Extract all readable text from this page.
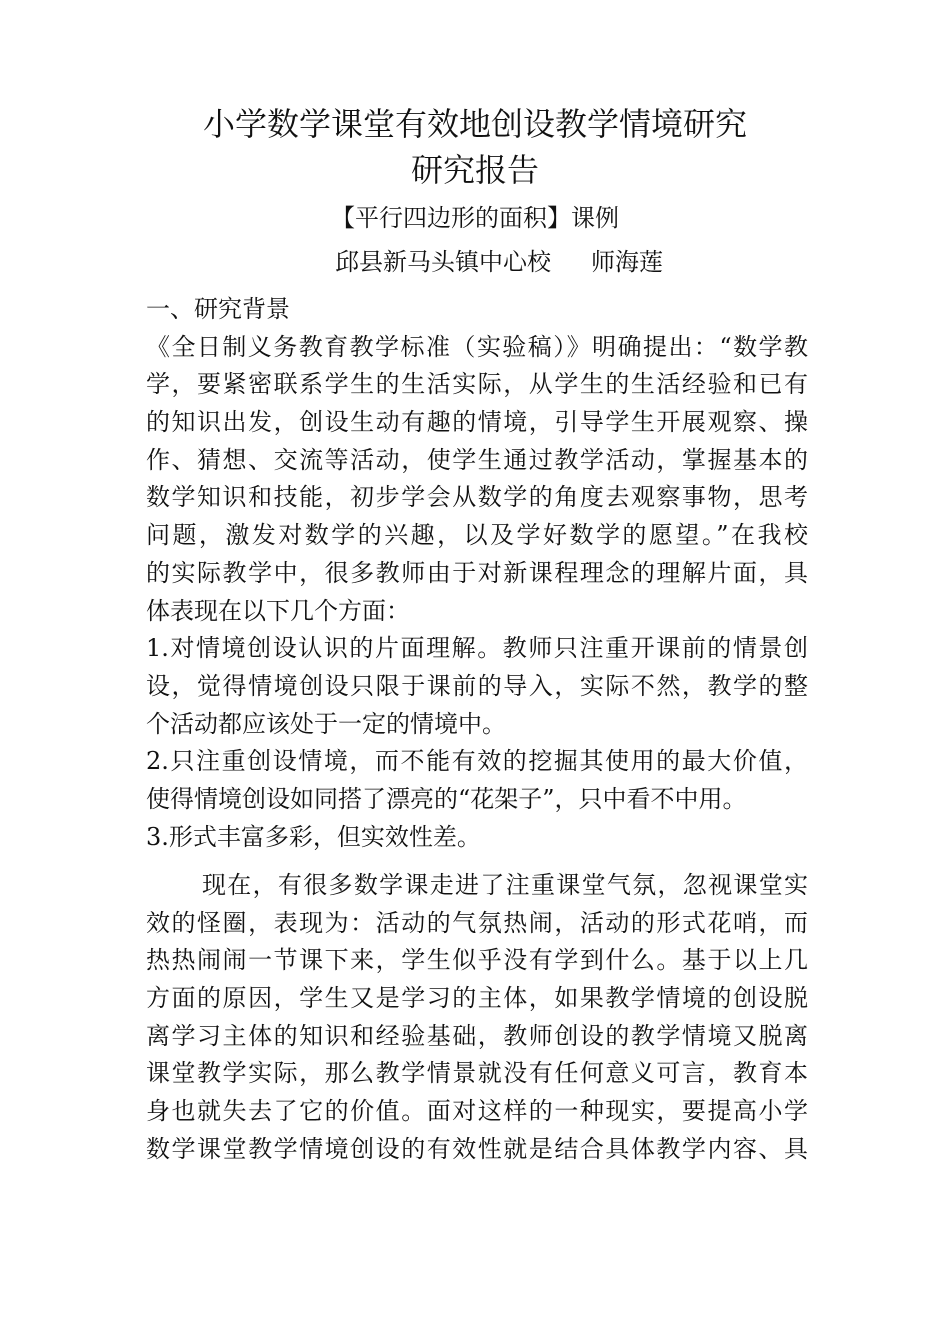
小学数学课堂有效地创设教学情境研究
研究报告
【平行四边形的面积】课例
邱县新马头镇中心校 师海莲
一、研究背景
《全日制义务教育教学标准（实验稿）》明确提出：“数学教
学，要紧密联系学生的生活实际，从学生的生活经验和已有
的知识出发，创设生动有趣的情境，引导学生开展观察、操
作、猜想、交流等活动，使学生通过教学活动，掌握基本的
数学知识和技能，初步学会从数学的角度去观察事物，思考
问题，激发对数学的兴趣，以及学好数学的愿望。”在我校
的实际教学中，很多教师由于对新课程理念的理解片面，具
体表现在以下几个方面：
1.对情境创设认识的片面理解。教师只注重开课前的情景创
设，觉得情境创设只限于课前的导入，实际不然，教学的整
个活动都应该处于一定的情境中。
2.只注重创设情境，而不能有效的挖掘其使用的最大价值，
使得情境创设如同搭了漂亮的“花架子”，只中看不中用。
3.形式丰富多彩，但实效性差。
现在，有很多数学课走进了注重课堂气氛，忽视课堂实
效的怪圈，表现为：活动的气氛热闹，活动的形式花哨，而
热热闹闹一节课下来，学生似乎没有学到什么。基于以上几
方面的原因，学生又是学习的主体，如果教学情境的创设脱
离学习主体的知识和经验基础，教师创设的教学情境又脱离
课堂教学实际，那么教学情景就没有任何意义可言，教育本
身也就失去了它的价值。面对这样的一种现实，要提高小学
数学课堂教学情境创设的有效性就是结合具体教学内容、具
